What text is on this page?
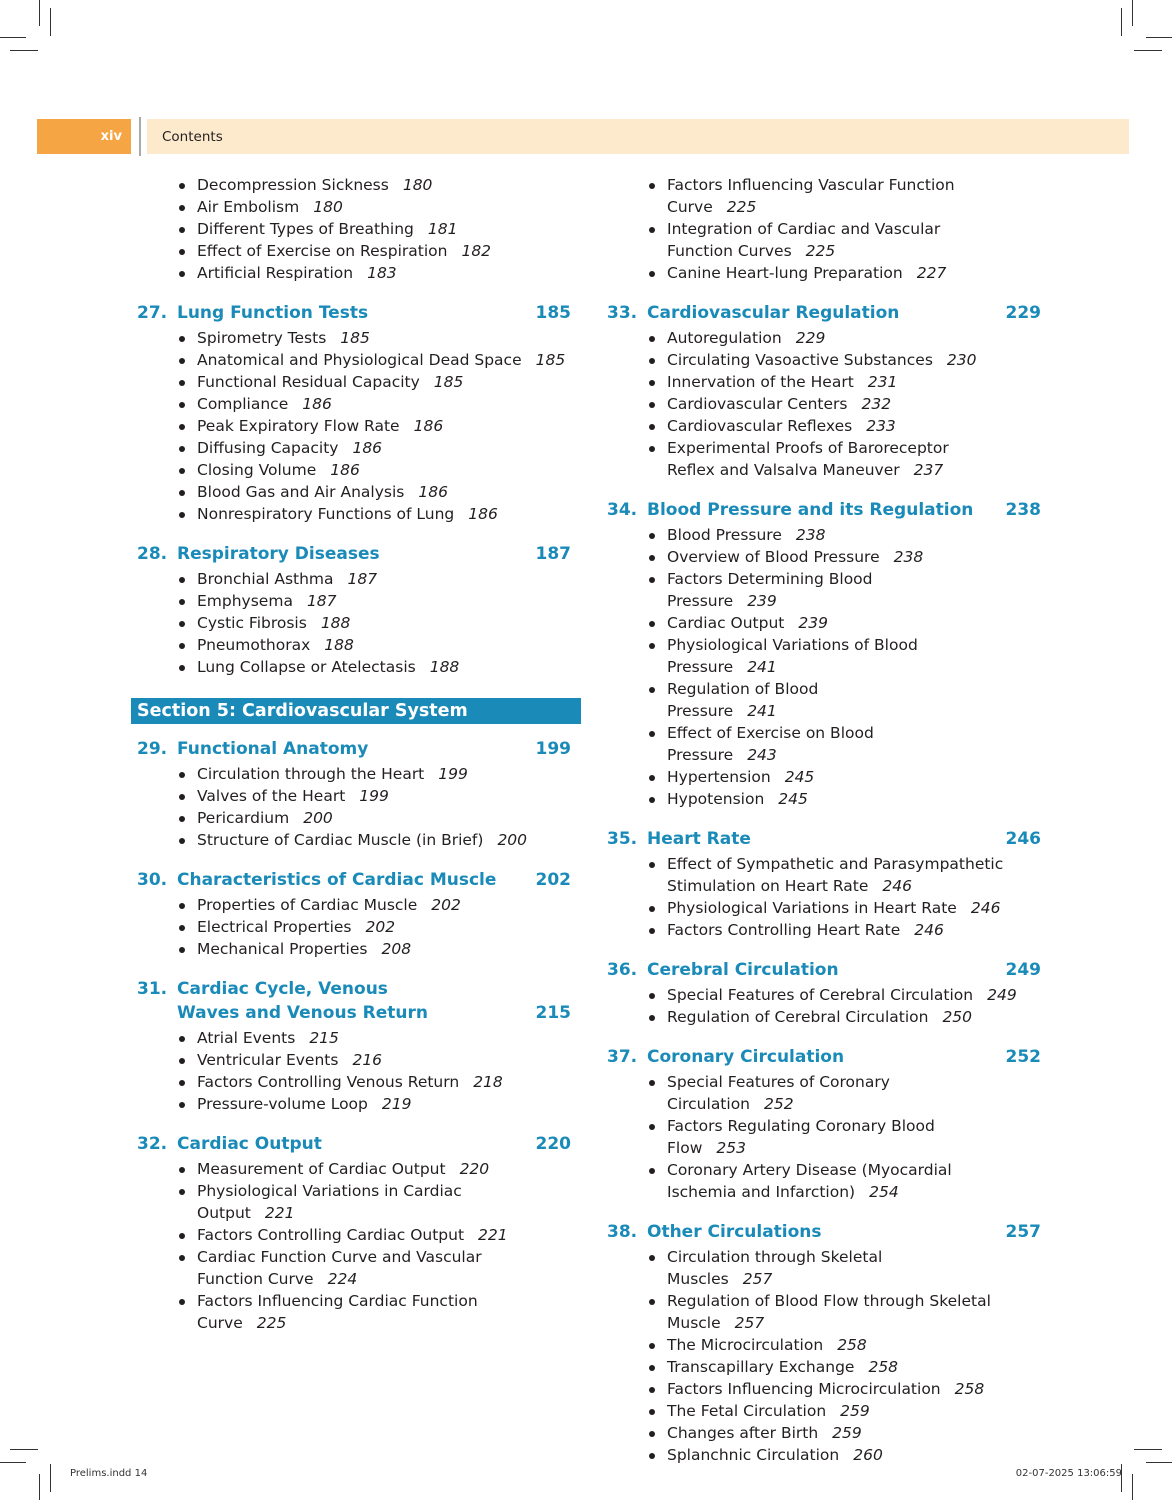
xiv	Contents
Decompression Sickness 180
Air Embolism 180
Different Types of Breathing 181
Effect of Exercise on Respiration 182
Artificial Respiration 183
27. Lung Function Tests	185
Spirometry Tests 185
Anatomical and Physiological Dead Space 185
Functional Residual Capacity 185
Compliance 186
Peak Expiratory Flow Rate 186
Diffusing Capacity 186
Closing Volume 186
Blood Gas and Air Analysis 186
Nonrespiratory Functions of Lung 186
28. Respiratory Diseases	187
Bronchial Asthma 187
Emphysema 187
Cystic Fibrosis 188
Pneumothorax 188
Lung Collapse or Atelectasis 188
Section 5: Cardiovascular System
29. Functional Anatomy	199
Circulation through the Heart 199
Valves of the Heart 199
Pericardium 200
Structure of Cardiac Muscle (in Brief) 200
30. Characteristics of Cardiac Muscle	202
Properties of Cardiac Muscle 202
Electrical Properties 202
Mechanical Properties 208
31. Cardiac Cycle, Venous Waves and Venous Return	215
Atrial Events 215
Ventricular Events 216
Factors Controlling Venous Return 218
Pressure-volume Loop 219
32. Cardiac Output	220
Measurement of Cardiac Output 220
Physiological Variations in Cardiac Output 221
Factors Controlling Cardiac Output 221
Cardiac Function Curve and Vascular Function Curve 224
Factors Influencing Cardiac Function Curve 225
Factors Influencing Vascular Function Curve 225
Integration of Cardiac and Vascular Function Curves 225
Canine Heart-lung Preparation 227
33. Cardiovascular Regulation	229
Autoregulation 229
Circulating Vasoactive Substances 230
Innervation of the Heart 231
Cardiovascular Centers 232
Cardiovascular Reflexes 233
Experimental Proofs of Baroreceptor Reflex and Valsalva Maneuver 237
34. Blood Pressure and its Regulation	238
Blood Pressure 238
Overview of Blood Pressure 238
Factors Determining Blood Pressure 239
Cardiac Output 239
Physiological Variations of Blood Pressure 241
Regulation of Blood Pressure 241
Effect of Exercise on Blood Pressure 243
Hypertension 245
Hypotension 245
35. Heart Rate	246
Effect of Sympathetic and Parasympathetic Stimulation on Heart Rate 246
Physiological Variations in Heart Rate 246
Factors Controlling Heart Rate 246
36. Cerebral Circulation	249
Special Features of Cerebral Circulation 249
Regulation of Cerebral Circulation 250
37. Coronary Circulation	252
Special Features of Coronary Circulation 252
Factors Regulating Coronary Blood Flow 253
Coronary Artery Disease (Myocardial Ischemia and Infarction) 254
38. Other Circulations	257
Circulation through Skeletal Muscles 257
Regulation of Blood Flow through Skeletal Muscle 257
The Microcirculation 258
Transcapillary Exchange 258
Factors Influencing Microcirculation 258
The Fetal Circulation 259
Changes after Birth 259
Splanchnic Circulation 260
Prelims.indd 14	02-07-2025 13:06:59
